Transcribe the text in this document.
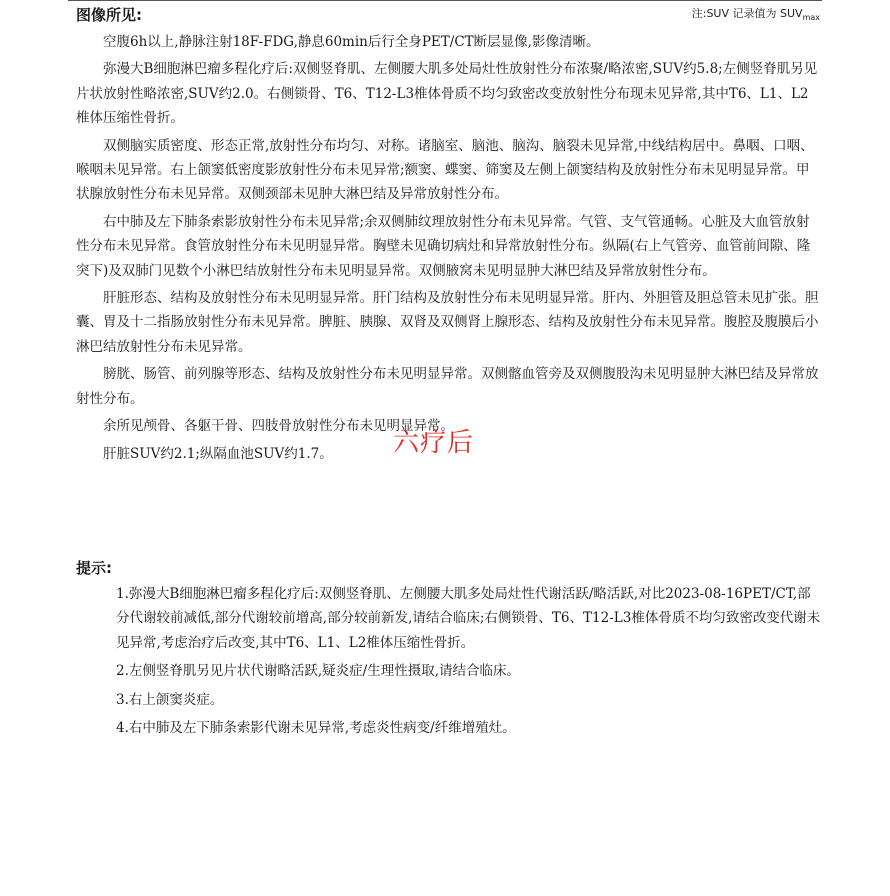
图像所见:	注:SUV 记录值为 $SUV_{max}$

空腹6h以上,静脉注射18F-FDG,静息60min后行全身PET/CT断层显像,影像清晰。

弥漫大B细胞淋巴瘤多程化疗后:双侧竖脊肌、左侧腰大肌多处局灶性放射性分布浓聚/略浓密,SUV约5.8;左侧竖脊肌另见片状放射性略浓密,SUV约2.0。右侧锁骨、T6、T12-L3椎体骨质不均匀致密改变放射性分布现未见异常,其中T6、L1、L2椎体压缩性骨折。

双侧脑实质密度、形态正常,放射性分布均匀、对称。诸脑室、脑池、脑沟、脑裂未见异常,中线结构居中。鼻咽、口咽、喉咽未见异常。右上颌窦低密度影放射性分布未见异常;额窦、蝶窦、筛窦及左侧上颌窦结构及放射性分布未见明显异常。甲状腺放射性分布未见异常。双侧颈部未见肿大淋巴结及异常放射性分布。

右中肺及左下肺条索影放射性分布未见异常;余双侧肺纹理放射性分布未见异常。气管、支气管通畅。心脏及大血管放射性分布未见异常。食管放射性分布未见明显异常。胸壁未见确切病灶和异常放射性分布。纵隔(右上气管旁、血管前间隙、隆突下)及双肺门见数个小淋巴结放射性分布未见明显异常。双侧腋窝未见明显肿大淋巴结及异常放射性分布。

肝脏形态、结构及放射性分布未见明显异常。肝门结构及放射性分布未见明显异常。肝内、外胆管及胆总管未见扩张。胆囊、胃及十二指肠放射性分布未见异常。脾脏、胰腺、双肾及双侧肾上腺形态、结构及放射性分布未见异常。腹腔及腹膜后小淋巴结放射性分布未见异常。

膀胱、肠管、前列腺等形态、结构及放射性分布未见明显异常。双侧髂血管旁及双侧腹股沟未见明显肿大淋巴结及异常放射性分布。

余所见颅骨、各躯干骨、四肢骨放射性分布未见明显异常。

肝脏SUV约2.1;纵隔血池SUV约1.7。	六疗后
提示:
1.弥漫大B细胞淋巴瘤多程化疗后:双侧竖脊肌、左侧腰大肌多处局灶性代谢活跃/略活跃,对比2023-08-16PET/CT,部分代谢较前减低,部分代谢较前增高,部分较前新发,请结合临床;右侧锁骨、T6、T12-L3椎体骨质不均匀致密改变代谢未见异常,考虑治疗后改变,其中T6、L1、L2椎体压缩性骨折。
2.左侧竖脊肌另见片状代谢略活跃,疑炎症/生理性摄取,请结合临床。
3.右上颌窦炎症。
4.右中肺及左下肺条索影代谢未见异常,考虑炎性病变/纤维增殖灶。
